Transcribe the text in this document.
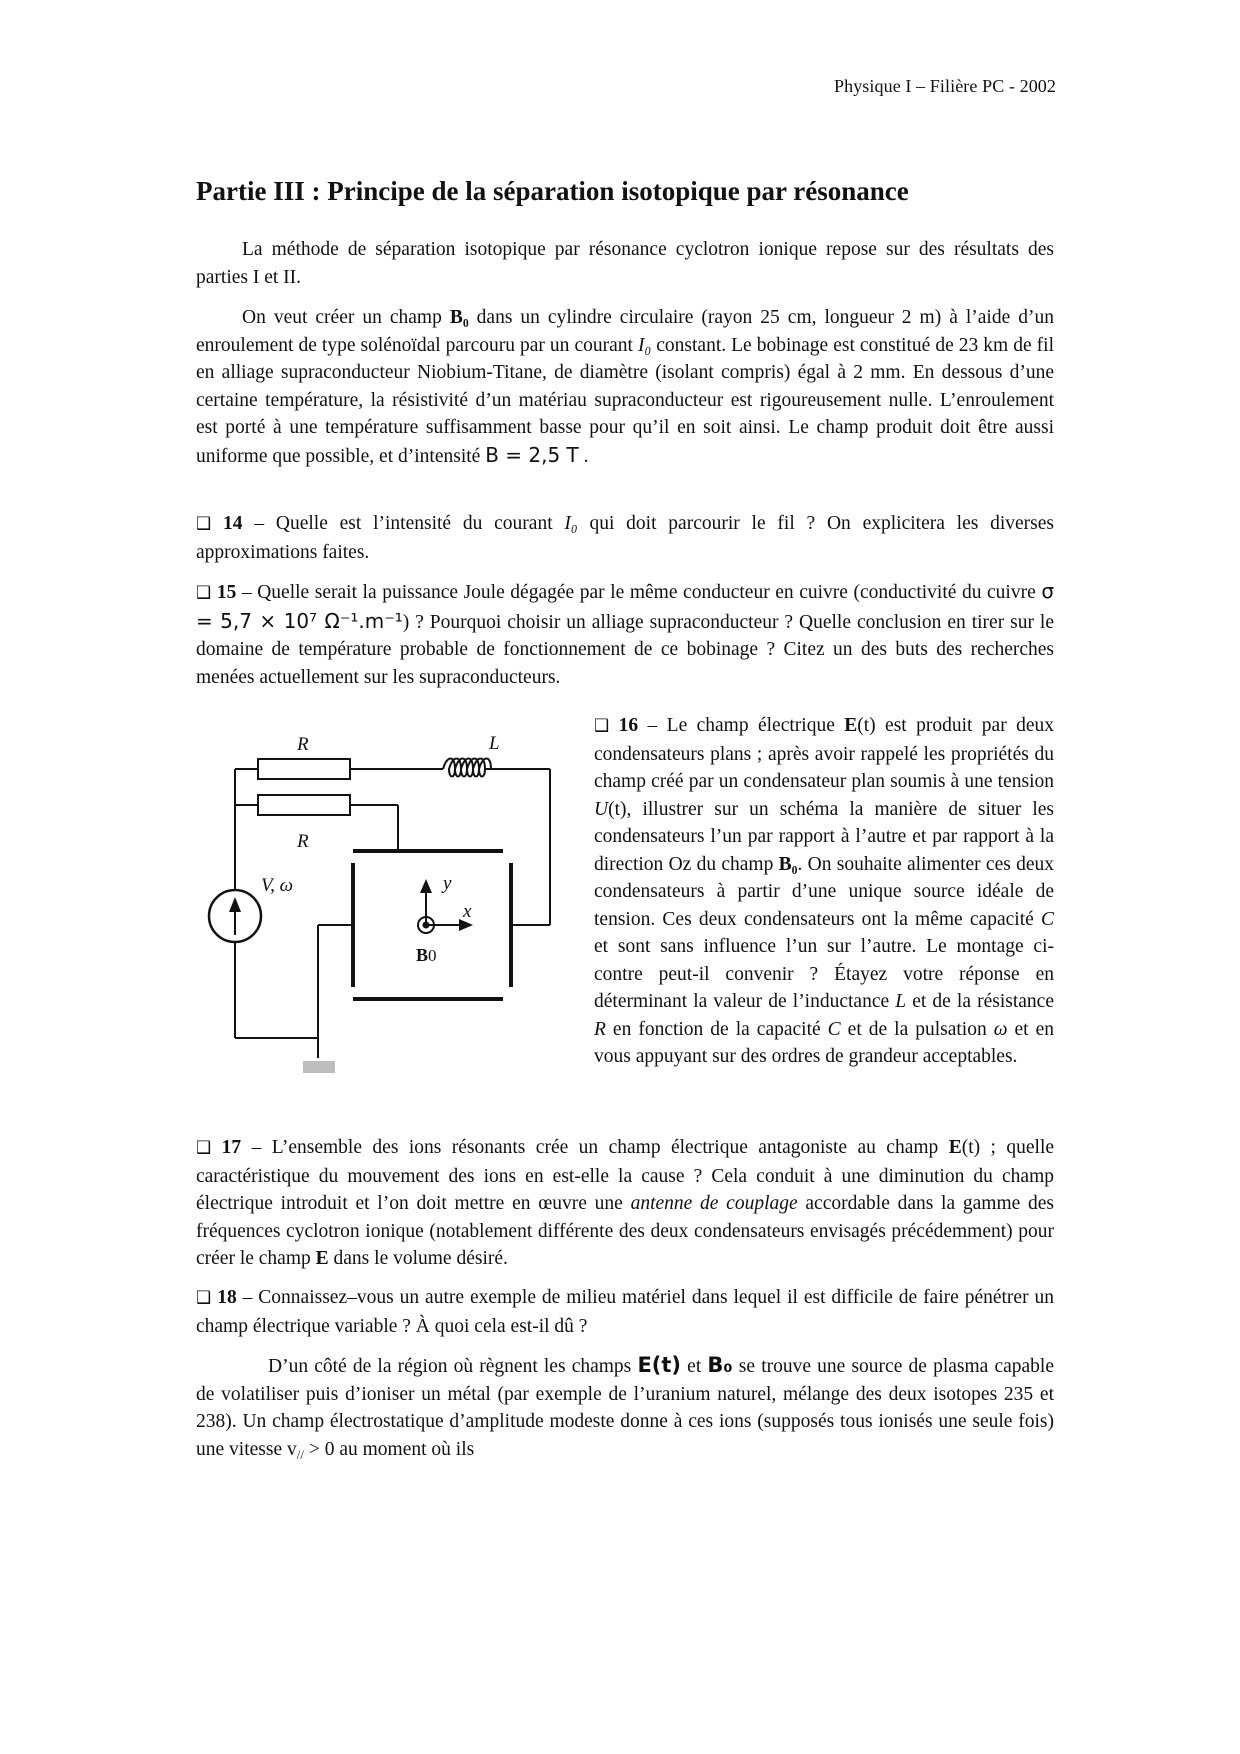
Physique I – Filière PC - 2002
Partie III : Principe de la séparation isotopique par résonance

La méthode de séparation isotopique par résonance cyclotron ionique repose sur des résultats des parties I et II.

On veut créer un champ B₀ dans un cylindre circulaire (rayon 25 cm, longueur 2 m) à l’aide d’un enroulement de type solénoïdal parcouru par un courant I₀ constant. Le bobinage est constitué de 23 km de fil en alliage supraconducteur Niobium-Titane, de diamètre (isolant compris) égal à 2 mm. En dessous d’une certaine température, la résistivité d’un matériau supraconducteur est rigoureusement nulle. L’enroulement est porté à une température suffisamment basse pour qu’il en soit ainsi. Le champ produit doit être aussi uniforme que possible, et d’intensité B = 2,5 T .

❑ 14 – Quelle est l’intensité du courant I₀ qui doit parcourir le fil ? On explicitera les diverses approximations faites.

❑ 15 – Quelle serait la puissance Joule dégagée par le même conducteur en cuivre (conductivité du cuivre σ = 5,7 × 10⁷ Ω⁻¹.m⁻¹) ? Pourquoi choisir un alliage supraconducteur ? Quelle conclusion en tirer sur le domaine de température probable de fonctionnement de ce bobinage ? Citez un des buts des recherches menées actuellement sur les supraconducteurs.

❑ 16 – Le champ électrique E(t) est produit par deux condensateurs plans ; après avoir rappelé les propriétés du champ créé par un condensateur plan soumis à une tension U(t), illustrer sur un schéma la manière de situer les condensateurs l’un par rapport à l’autre et par rapport à la direction Oz du champ B₀. On souhaite alimenter ces deux condensateurs à partir d’une unique source idéale de tension. Ces deux condensateurs ont la même capacité C et sont sans influence l’un sur l’autre. Le montage ci-contre peut-il convenir ? Étayez votre réponse en déterminant la valeur de l’inductance L et de la résistance R en fonction de la capacité C et de la pulsation ω et en vous appuyant sur des ordres de grandeur acceptables.

R	L
R
V, ω	y
x
B0

❑ 17 – L’ensemble des ions résonants crée un champ électrique antagoniste au champ E(t) ; quelle caractéristique du mouvement des ions en est-elle la cause ? Cela conduit à une diminution du champ électrique introduit et l’on doit mettre en œuvre une antenne de couplage accordable dans la gamme des fréquences cyclotron ionique (notablement différente des deux condensateurs envisagés précédemment) pour créer le champ E dans le volume désiré.

❑ 18 – Connaissez–vous un autre exemple de milieu matériel dans lequel il est difficile de faire pénétrer un champ électrique variable ? À quoi cela est-il dû ?

D’un côté de la région où règnent les champs E(t) et B₀ se trouve une source de plasma capable de volatiliser puis d’ioniser un métal (par exemple de l’uranium naturel, mélange des deux isotopes 235 et 238). Un champ électrostatique d’amplitude modeste donne à ces ions (supposés tous ionisés une seule fois) une vitesse $v_{//} > 0$ au moment où ils
